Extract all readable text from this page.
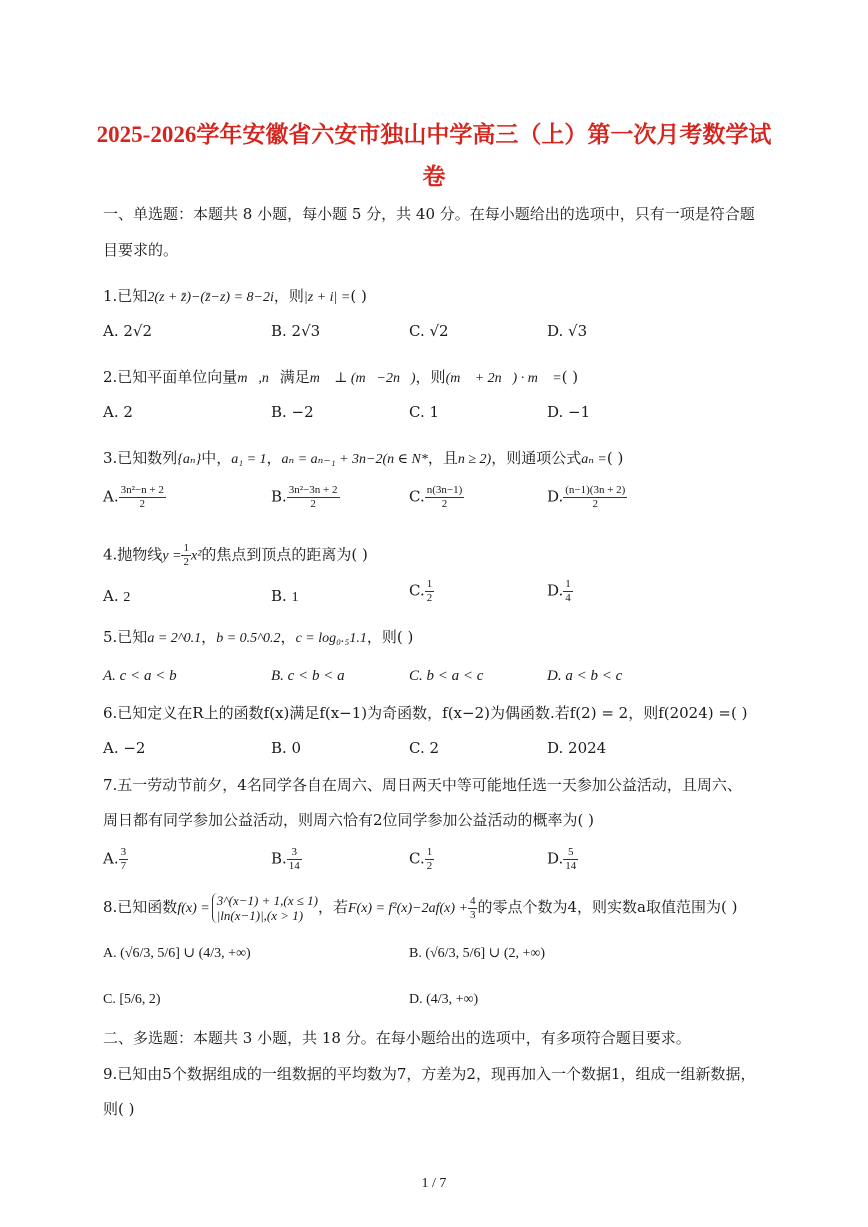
2025-2026学年安徽省六安市独山中学高三（上）第一次月考数学试
卷
一、单选题：本题共 8 小题，每小题 5 分，共 40 分。在每小题给出的选项中，只有一项是符合题
目要求的。
1.已知2(z + z̄)−(z̄−z) = 8−2i，则|z + i| =( )
A. 2√2	B. 2√3	C. √2	D. √3
2.已知平面单位向量m⃗,n⃗满足m⃗ ⊥ (m⃗−2n⃗)，则(m⃗ + 2n⃗) · m⃗ =( )
A. 2	B. −2	C. 1	D. −1
3.已知数列{aₙ}中，a₁ = 1，aₙ = aₙ₋₁ + 3n−2(n ∈ N*，且n ≥ 2)，则通项公式aₙ =( )
A. $\frac{\text{3n²−n + 2}}{2}$	B. $\frac{\text{3n²−3n + 2}}{2}$	C. $\frac{n(3n-1)}{2}$	D. $\frac{(n-1)(3n + 2)}{2}$
4.抛物线$y = \frac{1}{2} x^2$的焦点到顶点的距离为( )
A. 2	B. 1	C. $\frac{1}{2}$	D. $\frac{1}{4}$
5.已知a = 2^0.1，b = 0.5^0.2，c = log₀.₅1.1，则( )
A. c < a < b	B. c < b < a	C. b < a < c	D. a < b < c
6.已知定义在R上的函数f(x)满足f(x−1)为奇函数，f(x−2)为偶函数.若f(2) = 2，则f(2024) =( )
A. −2	B. 0	C. 2	D. 2024
7.五一劳动节前夕，4名同学各自在周六、周日两天中等可能地任选一天参加公益活动，且周六、
周日都有同学参加公益活动，则周六恰有2位同学参加公益活动的概率为( )
A. $\frac{3}{7}$	B. $\frac{3}{14}$	C. $\frac{1}{2}$	D. $\frac{5}{14}$
8.已知函数f(x) =
3^(x−1) + 1,(x ≤ 1)
|ln(x−1)|,(x > 1) ，若$F(x) = f^2(x)-2af(x) + \frac{4}{3}$ 的零点个数为4，则实数a取值范围为( )
A. (√6/3, 5/6] ∪ (4/3, +∞)	B. (√6/3, 5/6] ∪ (2, +∞)
C. [5/6, 2)	D. (4/3, +∞)
二、多选题：本题共 3 小题，共 18 分。在每小题给出的选项中，有多项符合题目要求。
9.已知由5个数据组成的一组数据的平均数为7，方差为2，现再加入一个数据1，组成一组新数据，
则( )
1 / 7
